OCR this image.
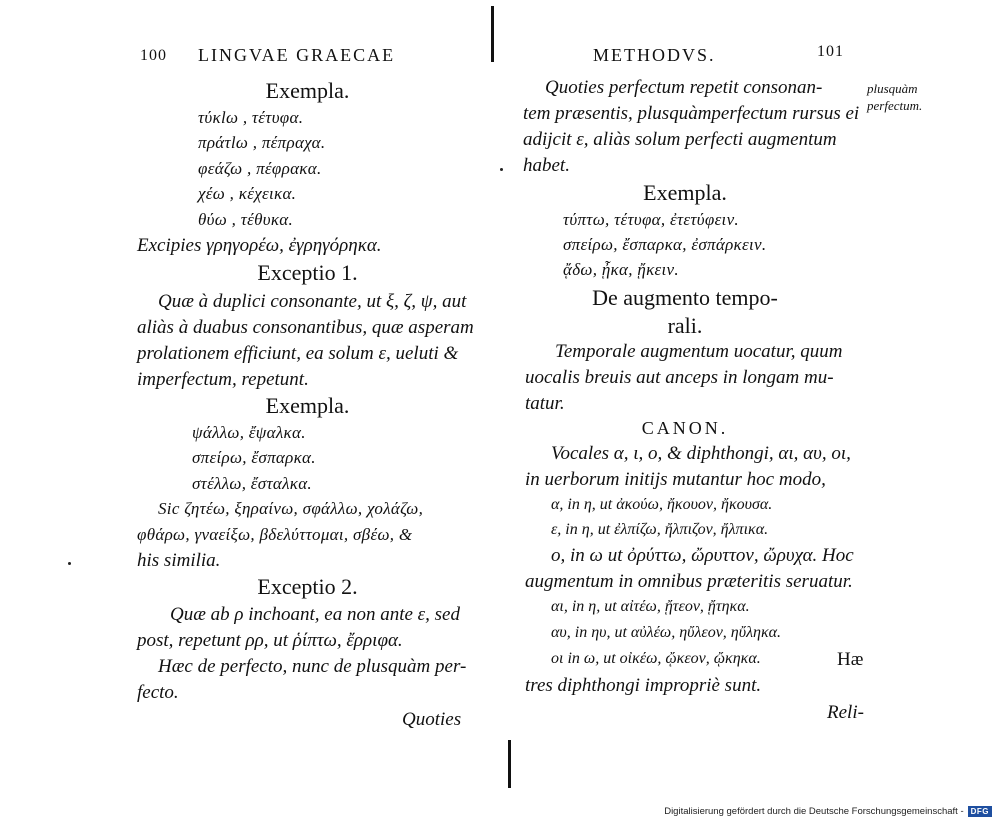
100 LINGVAE GRAECAE
Exempla.
τύκlω , τέτυφα.
πράτlω , πέπραχα.
φεάζω , πέφρακα.
χέω , κέχεικα.
θύω , τέθυκα.
Excipies γρηγορέω, ἐγρηγόρηκα.
Exceptio 1.
Quæ à duplici consonante, ut ξ, ζ, ψ, aut
aliàs à duabus consonantibus, quæ asperam
prolationem efficiunt, ea solum ε, ueluti &
imperfectum, repetunt.
Exempla.
ψάλλω, ἔψαλκα.
σπείρω, ἔσπαρκα.
στέλλω, ἔσταλκα.
Sic ζητέω, ξηραίνω, σφάλλω, χολάζω,
φθάρω, γναείξω, βδελύττομαι, σβέω, &
his similia.
Exceptio 2.
Quæ ab ρ inchoant, ea non ante ε, sed
post, repetunt ρρ, ut ῥίπτω, ἔρριφα.
Hæc de perfecto, nunc de plusquàm per-
fecto.
Quoties
METHODVS.	101
plusquàm
perfectum.
Quoties perfectum repetit consonan-
tem præsentis, plusquàmperfectum rursus ei
adijcit ε, aliàs solum perfecti augmentum
habet.
Exempla.
τύπτω, τέτυφα, ἐτετύφειν.
σπείρω, ἔσπαρκα, ἐσπάρκειν.
ᾄδω, ᾖκα, ᾔκειν.
De augmento tempo-
rali.
Temporale augmentum uocatur, quum
uocalis breuis aut anceps in longam mu-
tatur.
CANON.
Vocales α, ι, ο, & diphthongi, αι, αυ, οι,
in uerborum initijs mutantur hoc modo,
α, in η, ut ἀκούω, ἤκουον, ἤκουσα.
ε, in η, ut ἐλπίζω, ἤλπιζον, ἤλπικα.
ο, in ω ut ὀρύττω, ὤρυττον, ὤρυχα. Hoc
augmentum in omnibus præteritis seruatur.
αι, in η, ut αἰτέω, ᾔτεον, ᾔτηκα.
αυ, in ηυ, ut αὐλέω, ηὔλεον, ηὔληκα.
οι in ω, ut οἰκέω, ᾤκεον, ᾤκηκα.	Hæ
tres diphthongi impropriè sunt.
Reli-
Digitalisierung gefördert durch die Deutsche Forschungsgemeinschaft - DFG
